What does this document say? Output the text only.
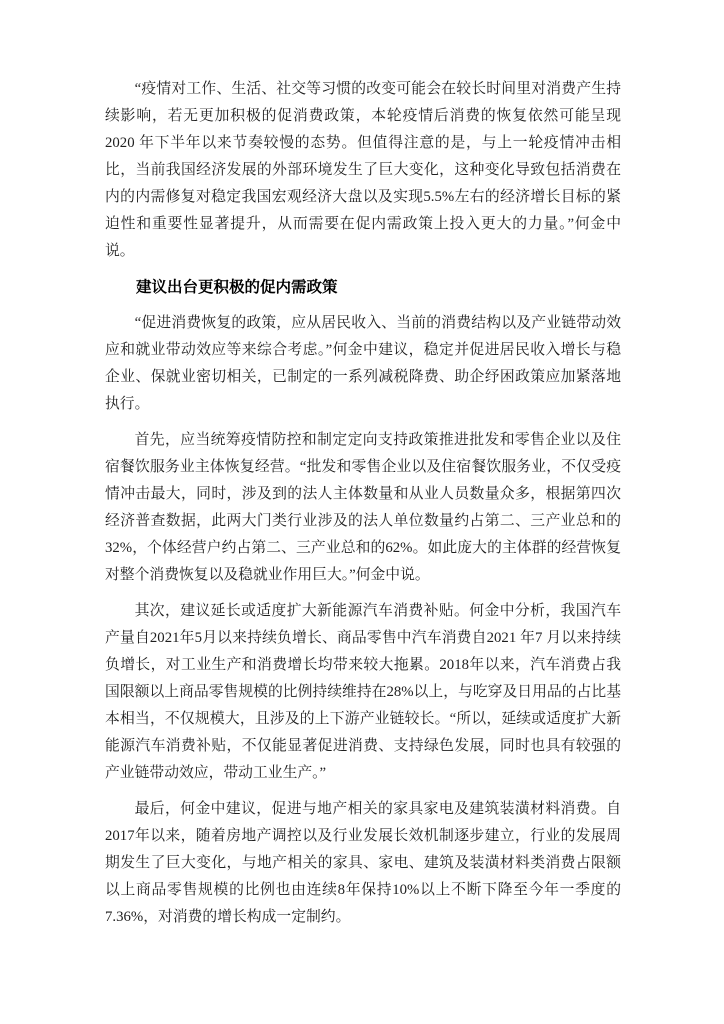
“疫情对工作、生活、社交等习惯的改变可能会在较长时间里对消费产生持续影响，若无更加积极的促消费政策，本轮疫情后消费的恢复依然可能呈现2020 年下半年以来节奏较慢的态势。但值得注意的是，与上一轮疫情冲击相比，当前我国经济发展的外部环境发生了巨大变化，这种变化导致包括消费在内的内需修复对稳定我国宏观经济大盘以及实现5.5%左右的经济增长目标的紧迫性和重要性显著提升，从而需要在促内需政策上投入更大的力量。”何金中说。

建议出台更积极的促内需政策

“促进消费恢复的政策，应从居民收入、当前的消费结构以及产业链带动效应和就业带动效应等来综合考虑。”何金中建议，稳定并促进居民收入增长与稳企业、保就业密切相关，已制定的一系列减税降费、助企纾困政策应加紧落地执行。

首先，应当统筹疫情防控和制定定向支持政策推进批发和零售企业以及住宿餐饮服务业主体恢复经营。“批发和零售企业以及住宿餐饮服务业，不仅受疫情冲击最大，同时，涉及到的法人主体数量和从业人员数量众多，根据第四次经济普查数据，此两大门类行业涉及的法人单位数量约占第二、三产业总和的32%，个体经营户约占第二、三产业总和的62%。如此庞大的主体群的经营恢复对整个消费恢复以及稳就业作用巨大。”何金中说。

其次，建议延长或适度扩大新能源汽车消费补贴。何金中分析，我国汽车产量自2021年5月以来持续负增长、商品零售中汽车消费自2021 年7 月以来持续负增长，对工业生产和消费增长均带来较大拖累。2018年以来，汽车消费占我国限额以上商品零售规模的比例持续维持在28%以上，与吃穿及日用品的占比基本相当，不仅规模大，且涉及的上下游产业链较长。“所以，延续或适度扩大新能源汽车消费补贴，不仅能显著促进消费、支持绿色发展，同时也具有较强的产业链带动效应，带动工业生产。”

最后，何金中建议，促进与地产相关的家具家电及建筑装潢材料消费。自2017年以来，随着房地产调控以及行业发展长效机制逐步建立，行业的发展周期发生了巨大变化，与地产相关的家具、家电、建筑及装潢材料类消费占限额以上商品零售规模的比例也由连续8年保持10%以上不断下降至今年一季度的7.36%，对消费的增长构成一定制约。
